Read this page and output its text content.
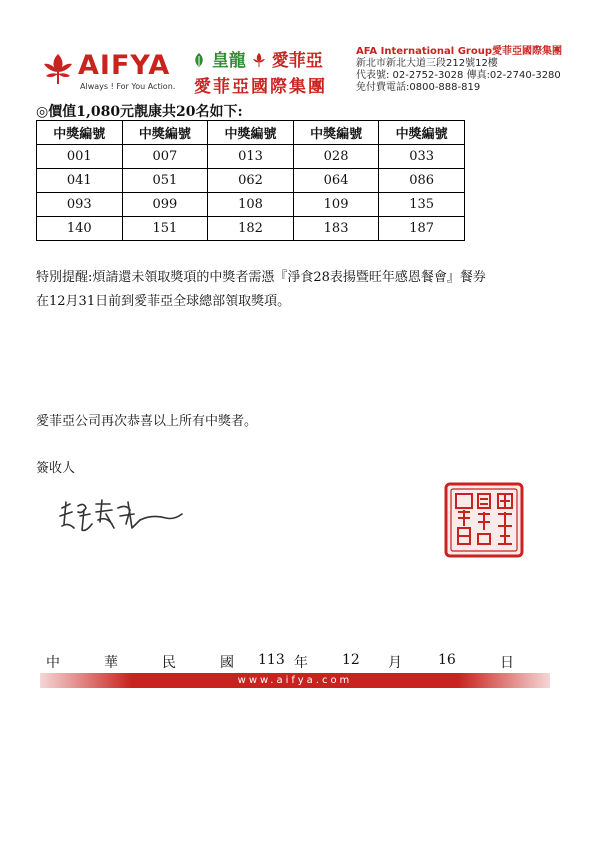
AIFYA
Always ! For You Action.
皇龍 愛菲亞
愛菲亞國際集團
AFA International Group愛菲亞國際集團
新北市新北大道三段212號12樓
代表號: 02-2752-3028 傳真:02-2740-3280
免付費電話:0800-888-819
◎價值1,080元靚康共20名如下:
中獎編號	中獎編號	中獎編號	中獎編號	中獎編號
001	007	013	028	033
041	051	062	064	086
093	099	108	109	135
140	151	182	183	187
特別提醒:煩請還未領取獎項的中獎者需憑『淨食28表揚暨旺年感恩餐會』餐券在12月31日前到愛菲亞全球總部領取獎項。
愛菲亞公司再次恭喜以上所有中獎者。
簽收人
中	華	民	國 113 年 12 月	16	日
www.aifya.com
